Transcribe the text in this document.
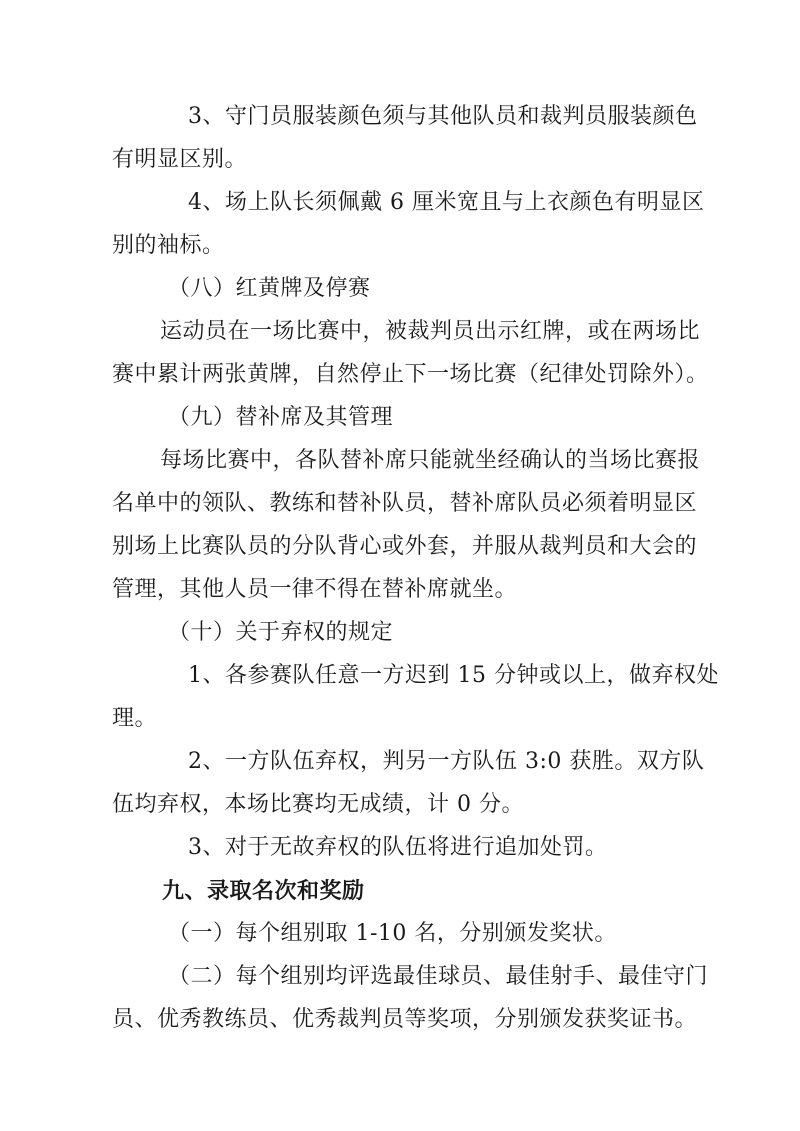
3、守门员服装颜色须与其他队员和裁判员服装颜色
有明显区别。
4、场上队长须佩戴 6 厘米宽且与上衣颜色有明显区
别的袖标。
（八）红黄牌及停赛
运动员在一场比赛中，被裁判员出示红牌，或在两场比
赛中累计两张黄牌，自然停止下一场比赛（纪律处罚除外）。
（九）替补席及其管理
每场比赛中，各队替补席只能就坐经确认的当场比赛报
名单中的领队、教练和替补队员，替补席队员必须着明显区
别场上比赛队员的分队背心或外套，并服从裁判员和大会的
管理，其他人员一律不得在替补席就坐。
（十）关于弃权的规定
1、各参赛队任意一方迟到 15 分钟或以上，做弃权处
理。
2、一方队伍弃权，判另一方队伍 3:0 获胜。双方队
伍均弃权，本场比赛均无成绩，计 0 分。
3、对于无故弃权的队伍将进行追加处罚。
九、录取名次和奖励
（一）每个组别取 1-10 名，分别颁发奖状。
（二）每个组别均评选最佳球员、最佳射手、最佳守门
员、优秀教练员、优秀裁判员等奖项，分别颁发获奖证书。
